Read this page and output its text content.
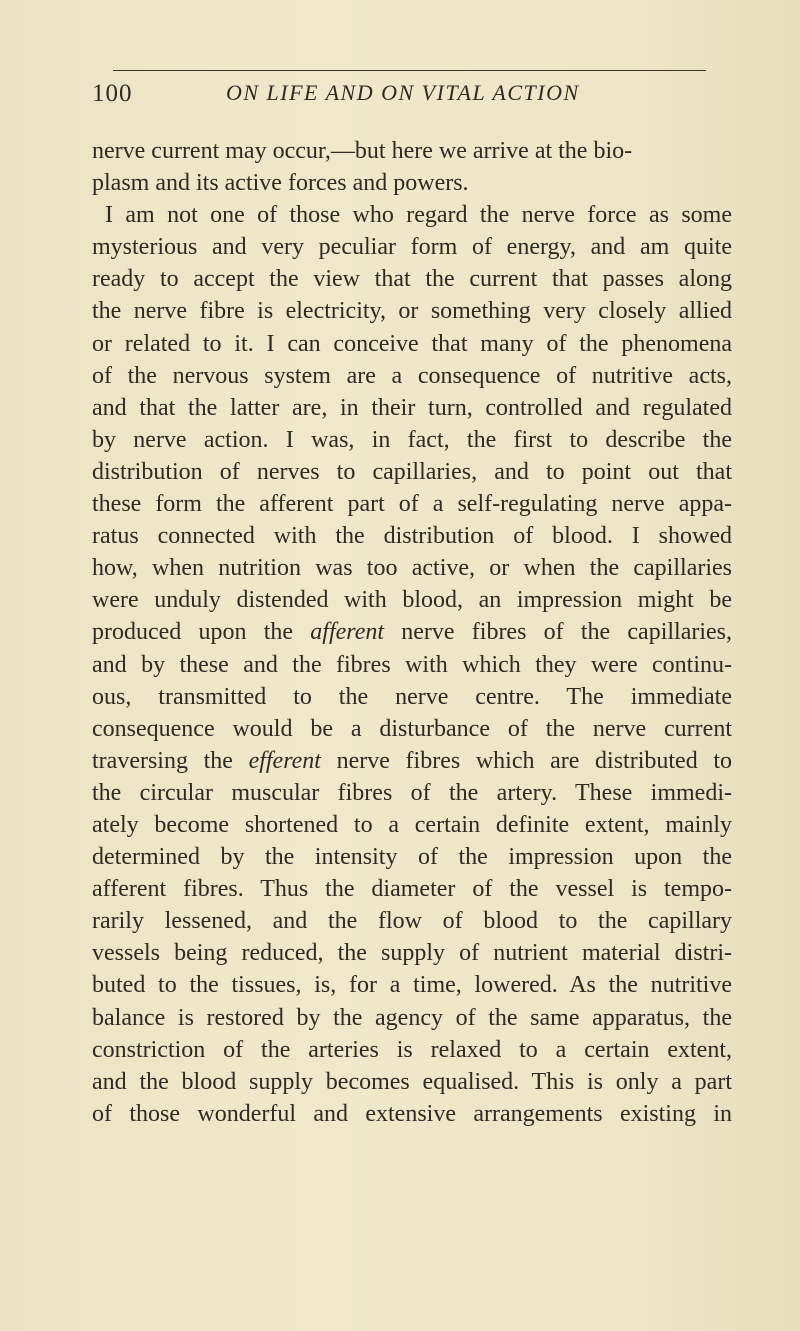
100	ON LIFE AND ON VITAL ACTION

nerve current may occur,—but here we arrive at the bio-
plasm and its active forces and powers.
I am not one of those who regard the nerve force as some
mysterious and very peculiar form of energy, and am quite
ready to accept the view that the current that passes along
the nerve fibre is electricity, or something very closely allied
or related to it. I can conceive that many of the phenomena
of the nervous system are a consequence of nutritive acts,
and that the latter are, in their turn, controlled and regulated
by nerve action. I was, in fact, the first to describe the
distribution of nerves to capillaries, and to point out that
these form the afferent part of a self-regulating nerve appa-
ratus connected with the distribution of blood. I showed
how, when nutrition was too active, or when the capillaries
were unduly distended with blood, an impression might be
produced upon the afferent nerve fibres of the capillaries,
and by these and the fibres with which they were continu-
ous, transmitted to the nerve centre. The immediate
consequence would be a disturbance of the nerve current
traversing the efferent nerve fibres which are distributed to
the circular muscular fibres of the artery. These immedi-
ately become shortened to a certain definite extent, mainly
determined by the intensity of the impression upon the
afferent fibres. Thus the diameter of the vessel is tempo-
rarily lessened, and the flow of blood to the capillary
vessels being reduced, the supply of nutrient material distri-
buted to the tissues, is, for a time, lowered. As the nutritive
balance is restored by the agency of the same apparatus, the
constriction of the arteries is relaxed to a certain extent,
and the blood supply becomes equalised. This is only a part
of those wonderful and extensive arrangements existing in
